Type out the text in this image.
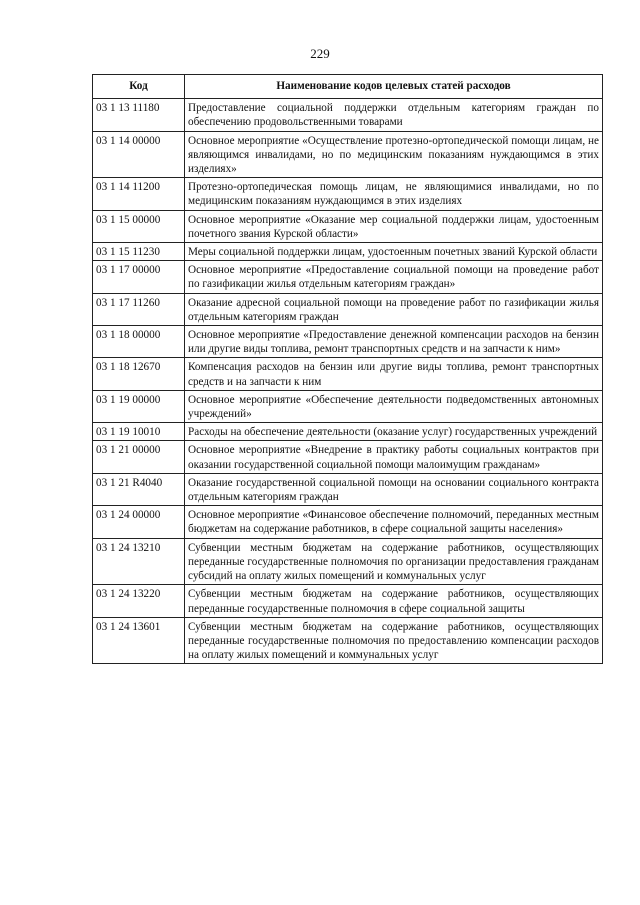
229
Код	Наименование кодов целевых статей расходов
03 1 13 11180	Предоставление социальной поддержки отдельным категориям граждан по обеспечению продовольственными товарами
03 1 14 00000	Основное мероприятие «Осуществление протезно-ортопедической помощи лицам, не являющимся инвалидами, но по медицинским показаниям нуждающимся в этих изделиях»
03 1 14 11200	Протезно-ортопедическая помощь лицам, не являющимися инвалидами, но по медицинским показаниям нуждающимся в этих изделиях
03 1 15 00000	Основное мероприятие «Оказание мер социальной поддержки лицам, удостоенным почетного звания Курской области»
03 1 15 11230	Меры социальной поддержки лицам, удостоенным почетных званий Курской области
03 1 17 00000	Основное мероприятие «Предоставление социальной помощи на проведение работ по газификации жилья отдельным категориям граждан»
03 1 17 11260	Оказание адресной социальной помощи на проведение работ по газификации жилья отдельным категориям граждан
03 1 18 00000	Основное мероприятие «Предоставление денежной компенсации расходов на бензин или другие виды топлива, ремонт транспортных средств и на запчасти к ним»
03 1 18 12670	Компенсация расходов на бензин или другие виды топлива, ремонт транспортных средств и на запчасти к ним
03 1 19 00000	Основное мероприятие «Обеспечение деятельности подведомственных автономных учреждений»
03 1 19 10010	Расходы на обеспечение деятельности (оказание услуг) государственных учреждений
03 1 21 00000	Основное мероприятие «Внедрение в практику работы социальных контрактов при оказании государственной социальной помощи малоимущим гражданам»
03 1 21 R4040	Оказание государственной социальной помощи на основании социального контракта отдельным категориям граждан
03 1 24 00000	Основное мероприятие «Финансовое обеспечение полномочий, переданных местным бюджетам на содержание работников, в сфере социальной защиты населения»
03 1 24 13210	Субвенции местным бюджетам на содержание работников, осуществляющих переданные государственные полномочия по организации предоставления гражданам субсидий на оплату жилых помещений и коммунальных услуг
03 1 24 13220	Субвенции местным бюджетам на содержание работников, осуществляющих переданные государственные полномочия в сфере социальной защиты
03 1 24 13601	Субвенции местным бюджетам на содержание работников, осуществляющих переданные государственные полномочия по предоставлению компенсации расходов на оплату жилых помещений и коммунальных услуг
